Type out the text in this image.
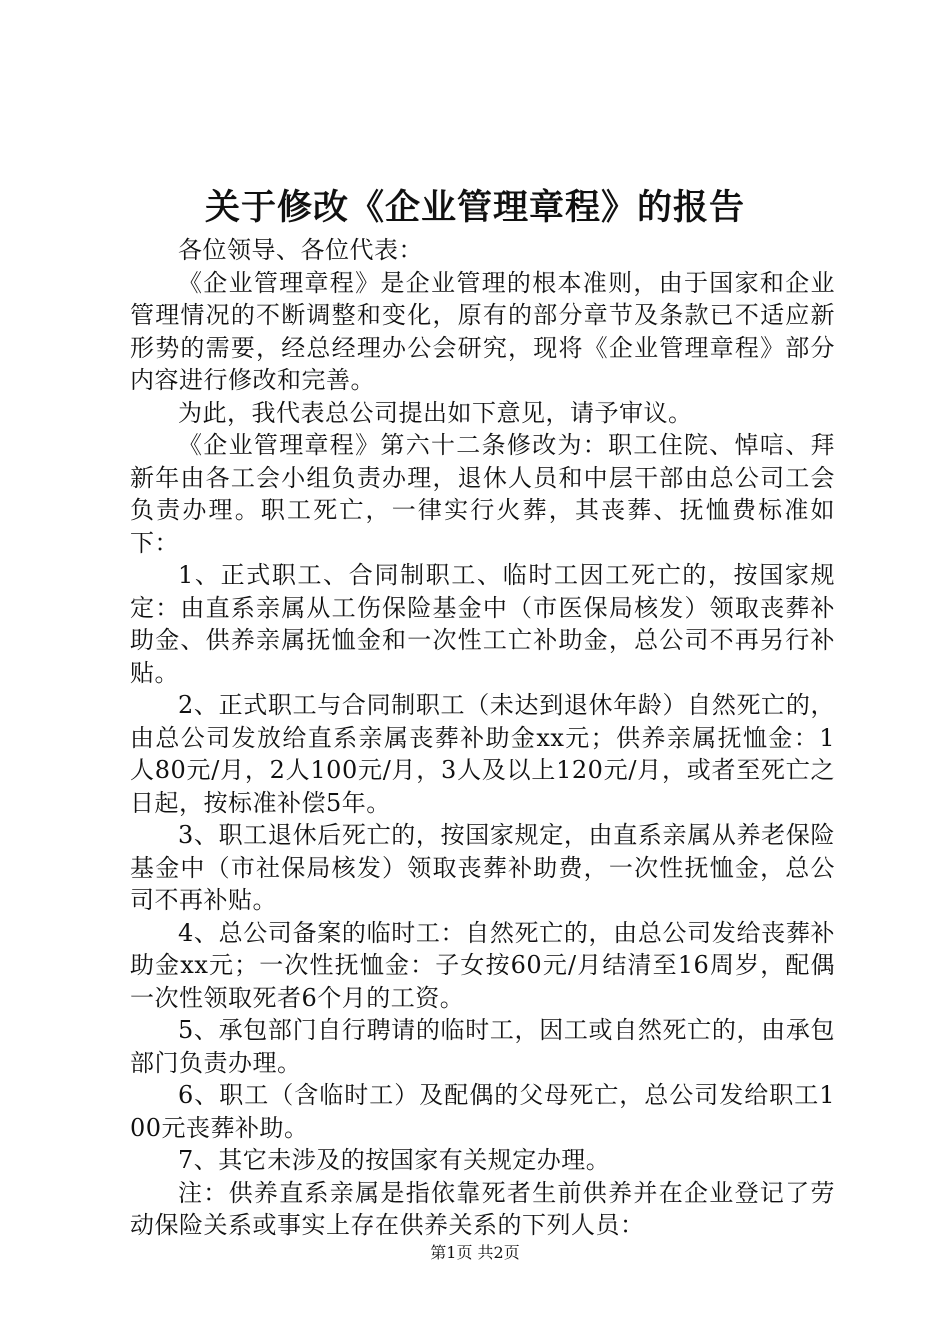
关于修改《企业管理章程》的报告

各位领导、各位代表：

《企业管理章程》是企业管理的根本准则，由于国家和企业管理情况的不断调整和变化，原有的部分章节及条款已不适应新形势的需要，经总经理办公会研究，现将《企业管理章程》部分内容进行修改和完善。

为此，我代表总公司提出如下意见，请予审议。

《企业管理章程》第六十二条修改为：职工住院、悼唁、拜新年由各工会小组负责办理，退休人员和中层干部由总公司工会负责办理。职工死亡，一律实行火葬，其丧葬、抚恤费标准如下：

1、正式职工、合同制职工、临时工因工死亡的，按国家规定：由直系亲属从工伤保险基金中（市医保局核发）领取丧葬补助金、供养亲属抚恤金和一次性工亡补助金，总公司不再另行补贴。

2、正式职工与合同制职工（未达到退休年龄）自然死亡的，由总公司发放给直系亲属丧葬补助金xx元；供养亲属抚恤金：1人80元/月，2人100元/月，3人及以上120元/月，或者至死亡之日起，按标准补偿5年。

3、职工退休后死亡的，按国家规定，由直系亲属从养老保险基金中（市社保局核发）领取丧葬补助费，一次性抚恤金，总公司不再补贴。

4、总公司备案的临时工：自然死亡的，由总公司发给丧葬补助金xx元；一次性抚恤金：子女按60元/月结清至16周岁，配偶一次性领取死者6个月的工资。

5、承包部门自行聘请的临时工，因工或自然死亡的，由承包部门负责办理。

6、职工（含临时工）及配偶的父母死亡，总公司发给职工100元丧葬补助。

7、其它未涉及的按国家有关规定办理。

注：供养直系亲属是指依靠死者生前供养并在企业登记了劳动保险关系或事实上存在供养关系的下列人员：

第1页 共2页
